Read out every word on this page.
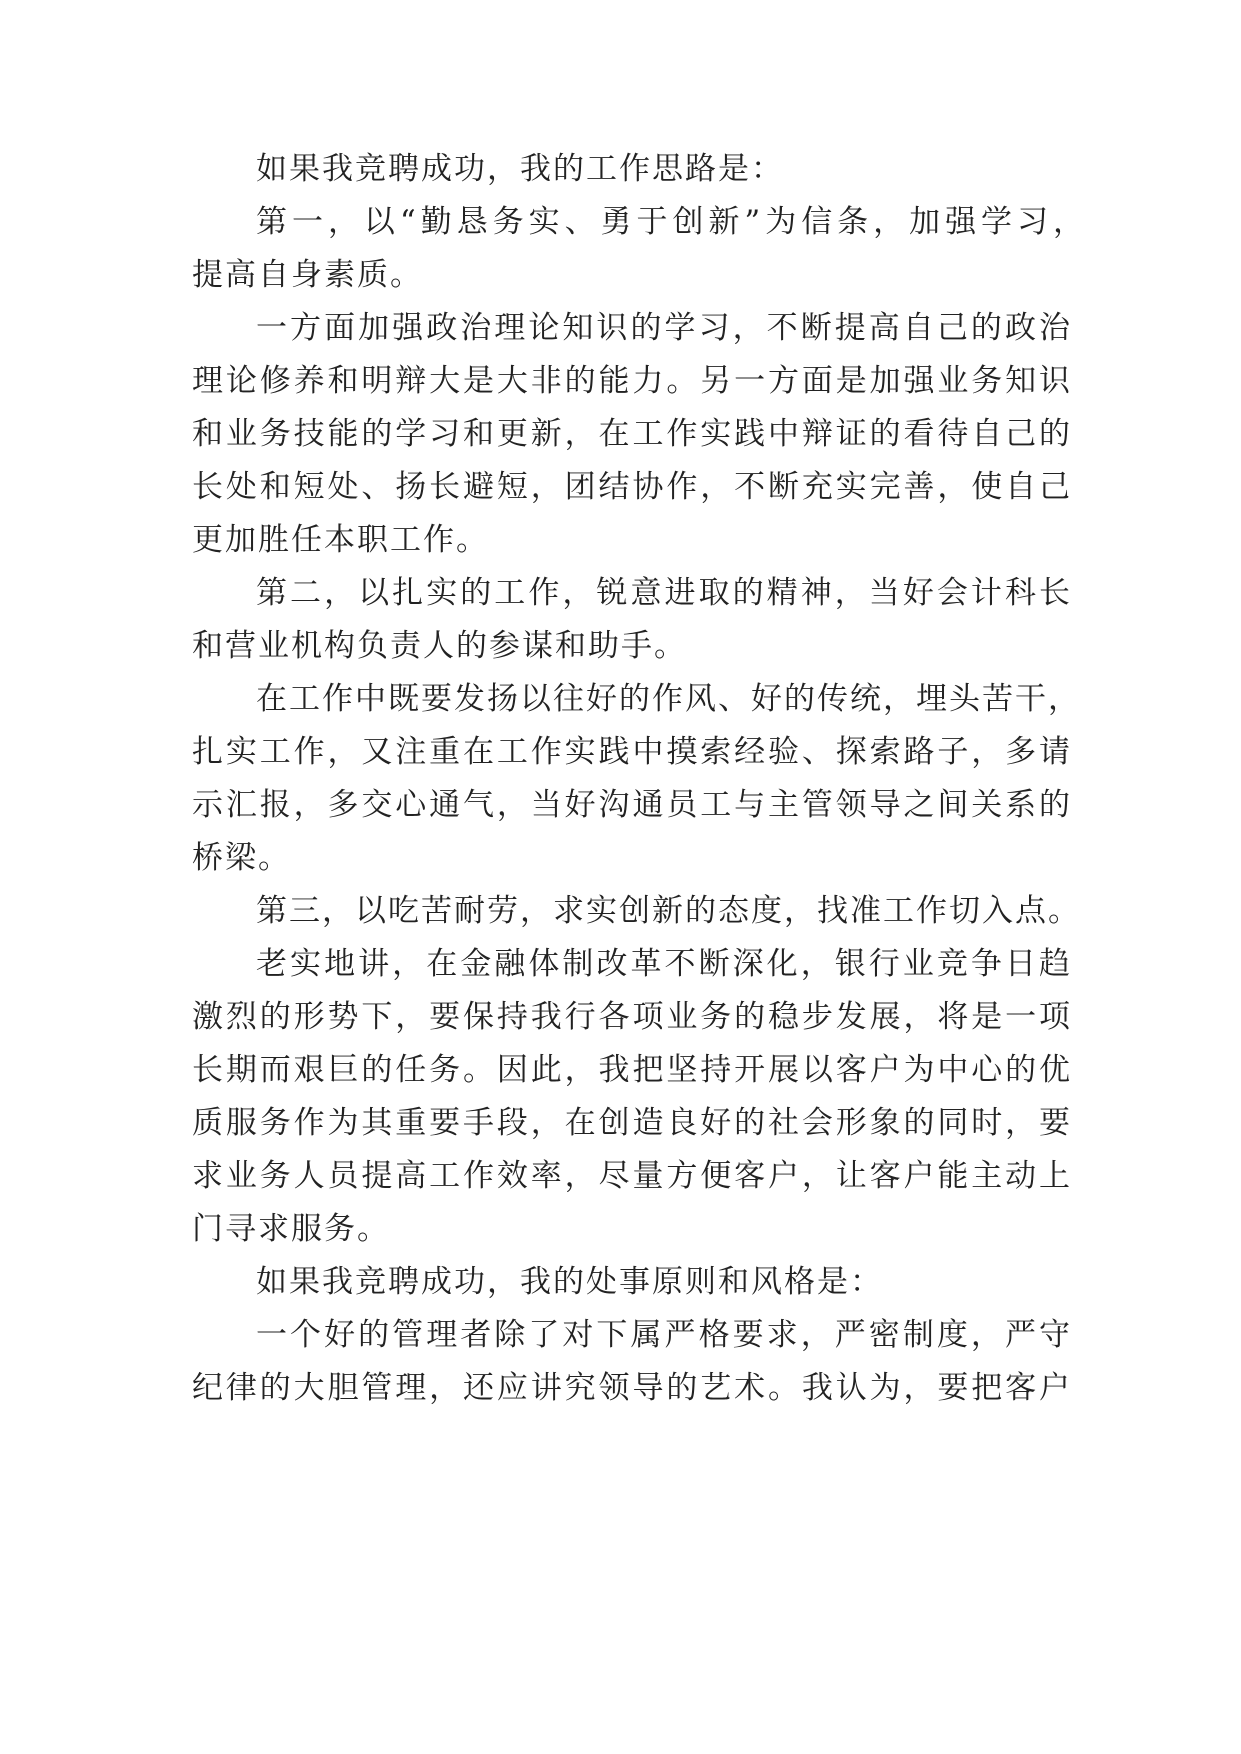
如果我竞聘成功，我的工作思路是：
第一，以“勤恳务实、勇于创新”为信条，加强学习，
提高自身素质。
一方面加强政治理论知识的学习，不断提高自己的政治
理论修养和明辩大是大非的能力。另一方面是加强业务知识
和业务技能的学习和更新，在工作实践中辩证的看待自己的
长处和短处、扬长避短，团结协作，不断充实完善，使自己
更加胜任本职工作。
第二，以扎实的工作，锐意进取的精神，当好会计科长
和营业机构负责人的参谋和助手。
在工作中既要发扬以往好的作风、好的传统，埋头苦干，
扎实工作，又注重在工作实践中摸索经验、探索路子，多请
示汇报，多交心通气，当好沟通员工与主管领导之间关系的
桥梁。
第三，以吃苦耐劳，求实创新的态度，找准工作切入点。
老实地讲，在金融体制改革不断深化，银行业竞争日趋
激烈的形势下，要保持我行各项业务的稳步发展，将是一项
长期而艰巨的任务。因此，我把坚持开展以客户为中心的优
质服务作为其重要手段，在创造良好的社会形象的同时，要
求业务人员提高工作效率，尽量方便客户，让客户能主动上
门寻求服务。
如果我竞聘成功，我的处事原则和风格是：
一个好的管理者除了对下属严格要求，严密制度，严守
纪律的大胆管理，还应讲究领导的艺术。我认为，要把客户
